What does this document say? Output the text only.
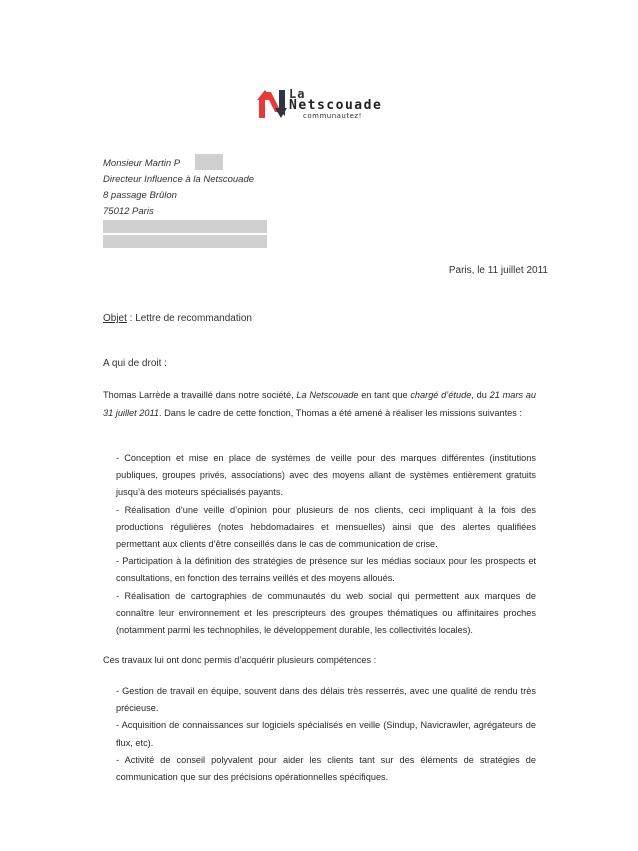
La
Netscouade
communautez!
Monsieur Martin P
Directeur Influence à la Netscouade
8 passage Brûlon
75012 Paris
Paris, le 11 juillet 2011
Objet : Lettre de recommandation
A qui de droit :
Thomas Larrède a travaillé dans notre société, La Netscouade en tant que chargé d’étude, du 21 mars au 31 juillet 2011. Dans le cadre de cette fonction, Thomas a été amené à réaliser les missions suivantes :
- Conception et mise en place de systèmes de veille pour des marques différentes (institutions publiques, groupes privés, associations) avec des moyens allant de systèmes entièrement gratuits jusqu’à des moteurs spécialisés payants.
- Réalisation d’une veille d’opinion pour plusieurs de nos clients, ceci impliquant à la fois des productions régulières (notes hebdomadaires et mensuelles) ainsi que des alertes qualifiées permettant aux clients d’être conseillés dans le cas de communication de crise.
- Participation à la définition des stratégies de présence sur les médias sociaux pour les prospects et consultations, en fonction des terrains veillés et des moyens alloués.
- Réalisation de cartographies de communautés du web social qui permettent aux marques de connaître leur environnement et les prescripteurs des groupes thématiques ou affinitaires proches (notamment parmi les technophiles, le développement durable, les collectivités locales).
Ces travaux lui ont donc permis d’acquérir plusieurs compétences :
- Gestion de travail en équipe, souvent dans des délais très resserrés, avec une qualité de rendu très précieuse.
- Acquisition de connaissances sur logiciels spécialisés en veille (Sindup, Navicrawler, agrégateurs de flux, etc).
- Activité de conseil polyvalent pour aider les clients tant sur des éléments de stratégies de communication que sur des précisions opérationnelles spécifiques.
